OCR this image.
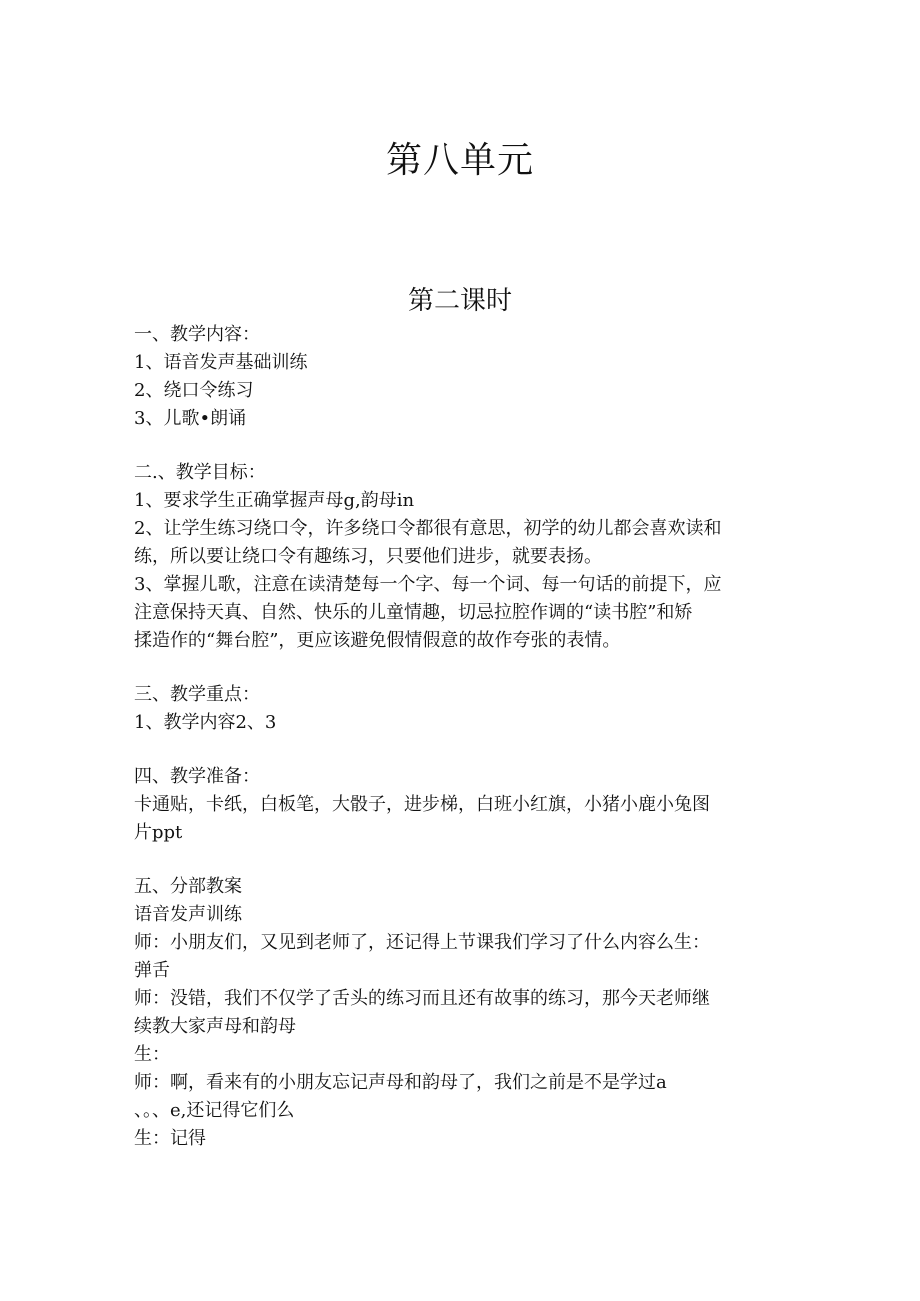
第八单元
第二课时
一、教学内容：
1、语音发声基础训练
2、绕口令练习
3、儿歌•朗诵
二.、教学目标：
1、要求学生正确掌握声母g,韵母in
2、让学生练习绕口令，许多绕口令都很有意思，初学的幼儿都会喜欢读和
练，所以要让绕口令有趣练习，只要他们进步，就要表扬。
3、掌握儿歌，注意在读清楚每一个字、每一个词、每一句话的前提下，应
注意保持天真、自然、快乐的儿童情趣，切忌拉腔作调的“读书腔”和矫
揉造作的“舞台腔”，更应该避免假情假意的故作夸张的表情。
三、教学重点：
1、教学内容2、3
四、教学准备：
卡通贴，卡纸，白板笔，大骰子，进步梯，白班小红旗，小猪小鹿小兔图
片ppt
五、分部教案
语音发声训练
师：小朋友们，又见到老师了，还记得上节课我们学习了什么内容么生：
弹舌
师：没错，我们不仅学了舌头的练习而且还有故事的练习，那今天老师继
续教大家声母和韵母
生：
师：啊，看来有的小朋友忘记声母和韵母了，我们之前是不是学过a
、。、e,还记得它们么
生：记得
